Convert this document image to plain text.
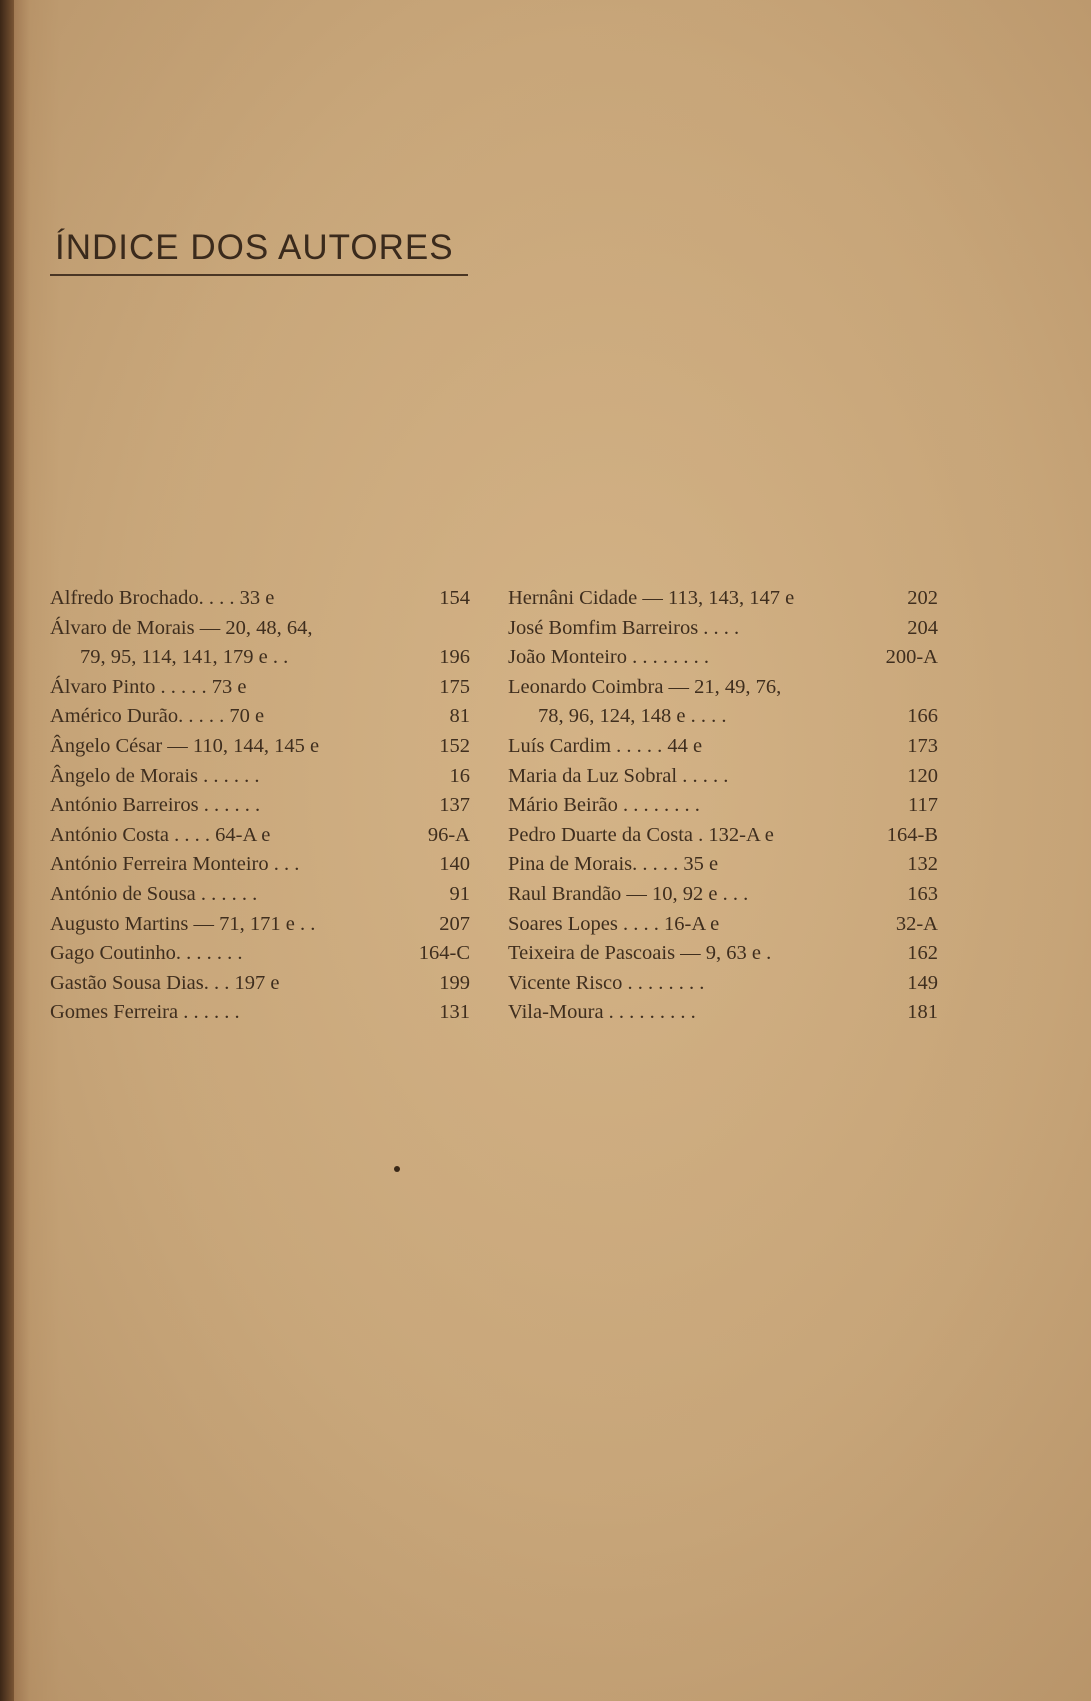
ÍNDICE DOS AUTORES
Alfredo Brochado. . . . 33 e	154
Álvaro de Morais — 20, 48, 64,
79, 95, 114, 141, 179 e . .	196
Álvaro Pinto . . . . . 73 e	175
Américo Durão. . . . . 70 e	81
Ângelo César — 110, 144, 145 e	152
Ângelo de Morais . . . . . .	16
António Barreiros . . . . . .	137
António Costa . . . . 64-A e	96-A
António Ferreira Monteiro . . .	140
António de Sousa . . . . . .	91
Augusto Martins — 71, 171 e . .	207
Gago Coutinho. . . . . . .	164-C
Gastão Sousa Dias. . . 197 e	199
Gomes Ferreira . . . . . .	131
Hernâni Cidade — 113, 143, 147 e	202
José Bomfim Barreiros . . . .	204
João Monteiro . . . . . . . .	200-A
Leonardo Coimbra — 21, 49, 76,
78, 96, 124, 148 e . . . .	166
Luís Cardim . . . . . 44 e	173
Maria da Luz Sobral . . . . .	120
Mário Beirão . . . . . . . .	117
Pedro Duarte da Costa . 132-A e	164-B
Pina de Morais. . . . . 35 e	132
Raul Brandão — 10, 92 e . . .	163
Soares Lopes . . . . 16-A e	32-A
Teixeira de Pascoais — 9, 63 e .	162
Vicente Risco . . . . . . . .	149
Vila-Moura . . . . . . . . .	181
